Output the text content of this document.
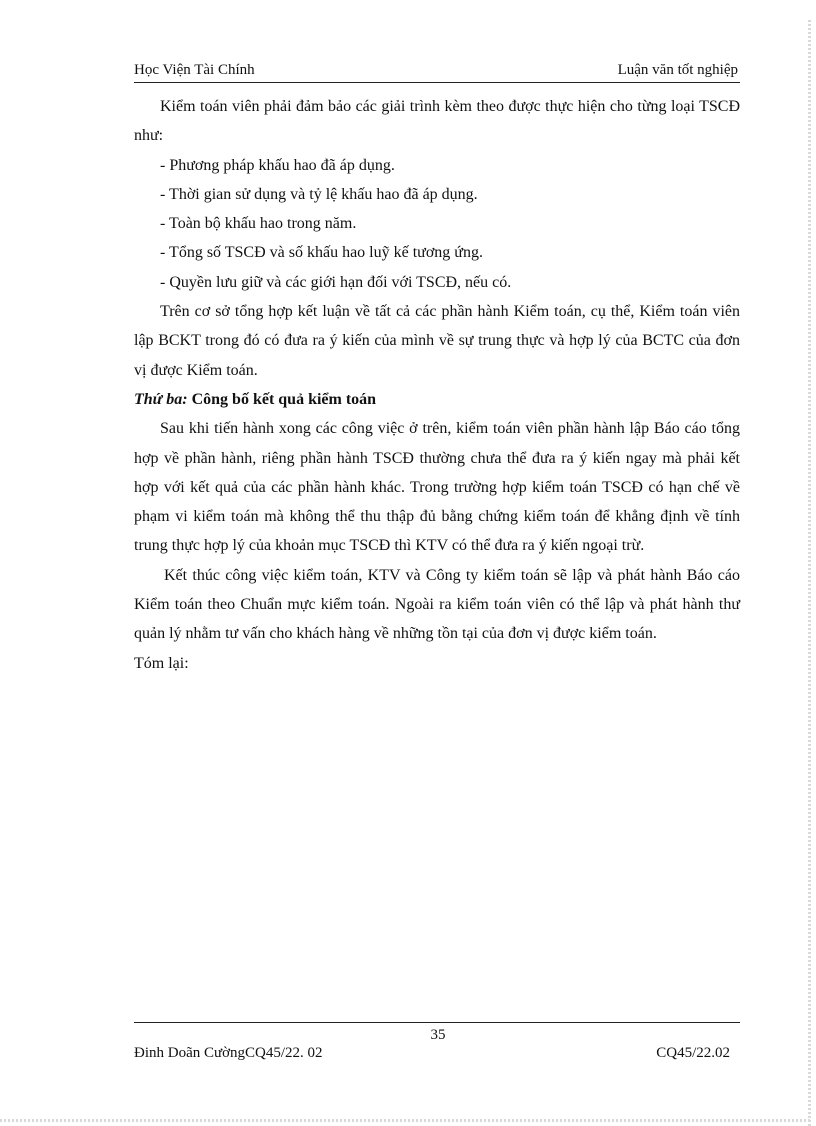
Học Viện Tài Chính	Luận văn tốt nghiệp

Kiểm toán viên phải đảm bảo các giải trình kèm theo được thực hiện cho từng loại TSCĐ như:

- Phương pháp khấu hao đã áp dụng.

- Thời gian sử dụng và tỷ lệ khấu hao đã áp dụng.

- Toàn bộ khấu hao trong năm.

- Tổng số TSCĐ và số khấu hao luỹ kế tương ứng.

- Quyền lưu giữ và các giới hạn đối với TSCĐ, nếu có.

Trên cơ sở tổng hợp kết luận về tất cả các phần hành Kiểm toán, cụ thể, Kiểm toán viên lập BCKT trong đó có đưa ra ý kiến của mình về sự trung thực và hợp lý của BCTC của đơn vị được Kiểm toán.

Thứ ba: Công bố kết quả kiểm toán

Sau khi tiến hành xong các công việc ở trên, kiểm toán viên phần hành lập Báo cáo tổng hợp về phần hành, riêng phần hành TSCĐ thường chưa thể đưa ra ý kiến ngay mà phải kết hợp với kết quả của các phần hành khác. Trong trường hợp kiểm toán TSCĐ có hạn chế về phạm vi kiểm toán mà không thể thu thập đủ bằng chứng kiểm toán để khẳng định về tính trung thực hợp lý của khoản mục TSCĐ thì KTV có thể đưa ra ý kiến ngoại trừ.

Kết thúc công việc kiểm toán, KTV và Công ty kiểm toán sẽ lập và phát hành Báo cáo Kiểm toán theo Chuẩn mực kiểm toán. Ngoài ra kiểm toán viên có thể lập và phát hành thư quản lý nhằm tư vấn cho khách hàng về những tồn tại của đơn vị được kiểm toán.

Tóm lại:

35
Đinh Doãn CườngCQ45/22. 02	CQ45/22.02
